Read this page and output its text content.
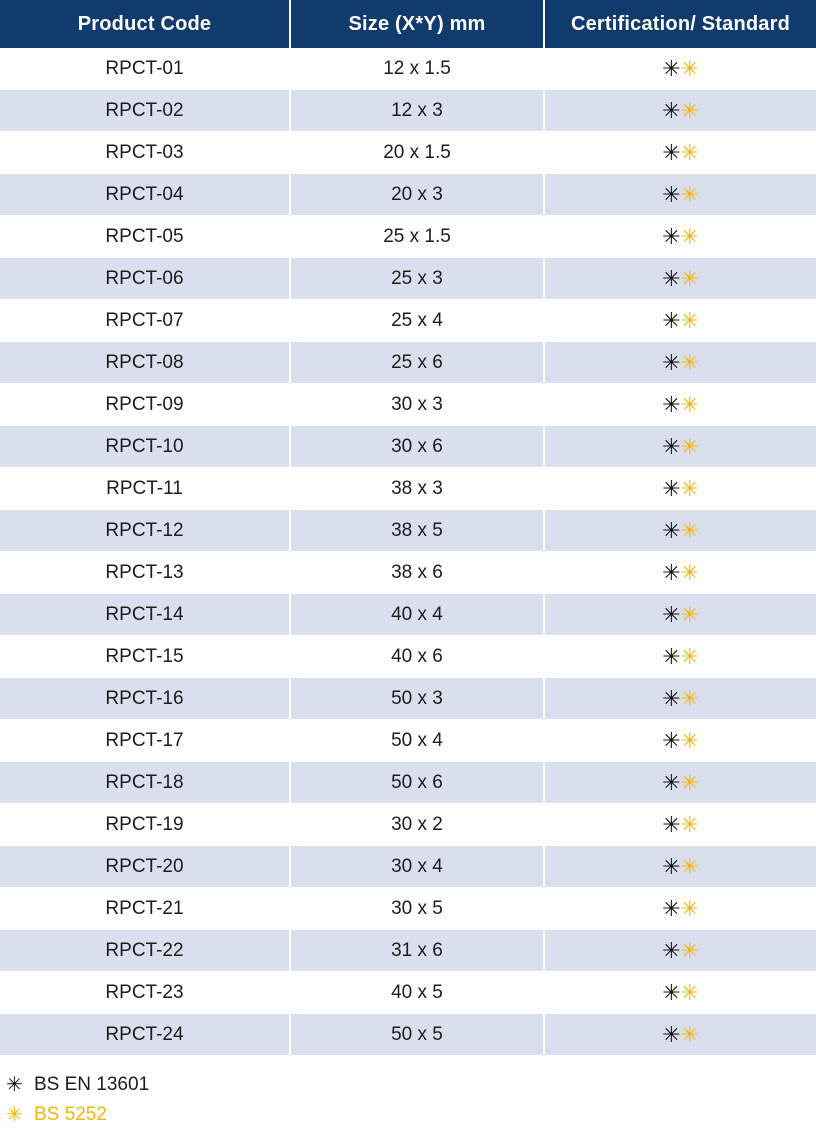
Product Code	Size (X*Y) mm	Certification/ Standard
RPCT-01	12 x 1.5	✳✳
RPCT-02	12 x 3	✳✳
RPCT-03	20 x 1.5	✳✳
RPCT-04	20 x 3	✳✳
RPCT-05	25 x 1.5	✳✳
RPCT-06	25 x 3	✳✳
RPCT-07	25 x 4	✳✳
RPCT-08	25 x 6	✳✳
RPCT-09	30 x 3	✳✳
RPCT-10	30 x 6	✳✳
RPCT-11	38 x 3	✳✳
RPCT-12	38 x 5	✳✳
RPCT-13	38 x 6	✳✳
RPCT-14	40 x 4	✳✳
RPCT-15	40 x 6	✳✳
RPCT-16	50 x 3	✳✳
RPCT-17	50 x 4	✳✳
RPCT-18	50 x 6	✳✳
RPCT-19	30 x 2	✳✳
RPCT-20	30 x 4	✳✳
RPCT-21	30 x 5	✳✳
RPCT-22	31 x 6	✳✳
RPCT-23	40 x 5	✳✳
RPCT-24	50 x 5	✳✳
✳ BS EN 13601
✳ BS 5252
